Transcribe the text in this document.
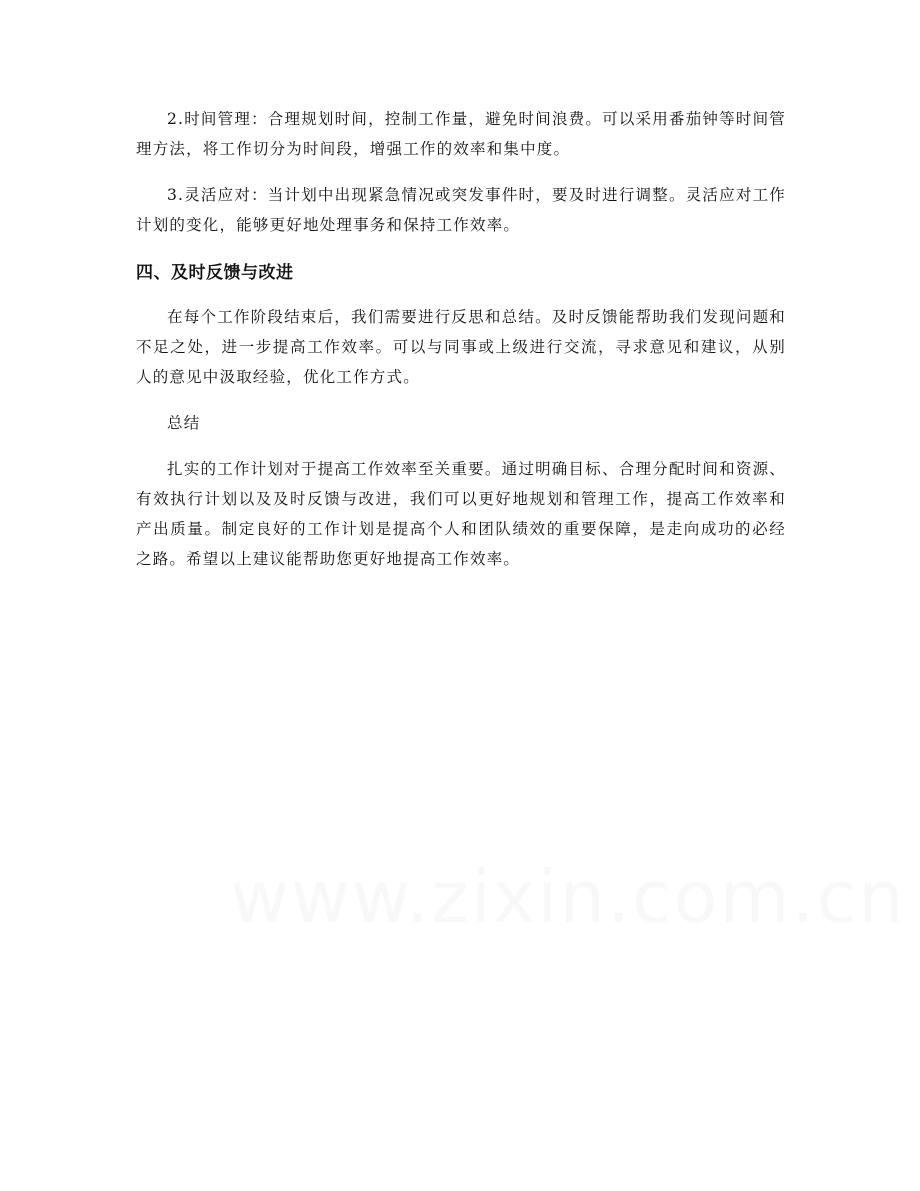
2.时间管理：合理规划时间，控制工作量，避免时间浪费。可以采用番茄钟等时间管理方法，将工作切分为时间段，增强工作的效率和集中度。

3.灵活应对：当计划中出现紧急情况或突发事件时，要及时进行调整。灵活应对工作计划的变化，能够更好地处理事务和保持工作效率。

四、及时反馈与改进

在每个工作阶段结束后，我们需要进行反思和总结。及时反馈能帮助我们发现问题和不足之处，进一步提高工作效率。可以与同事或上级进行交流，寻求意见和建议，从别人的意见中汲取经验，优化工作方式。

总结

扎实的工作计划对于提高工作效率至关重要。通过明确目标、合理分配时间和资源、有效执行计划以及及时反馈与改进，我们可以更好地规划和管理工作，提高工作效率和产出质量。制定良好的工作计划是提高个人和团队绩效的重要保障，是走向成功的必经之路。希望以上建议能帮助您更好地提高工作效率。

www.zixin.com.cn
